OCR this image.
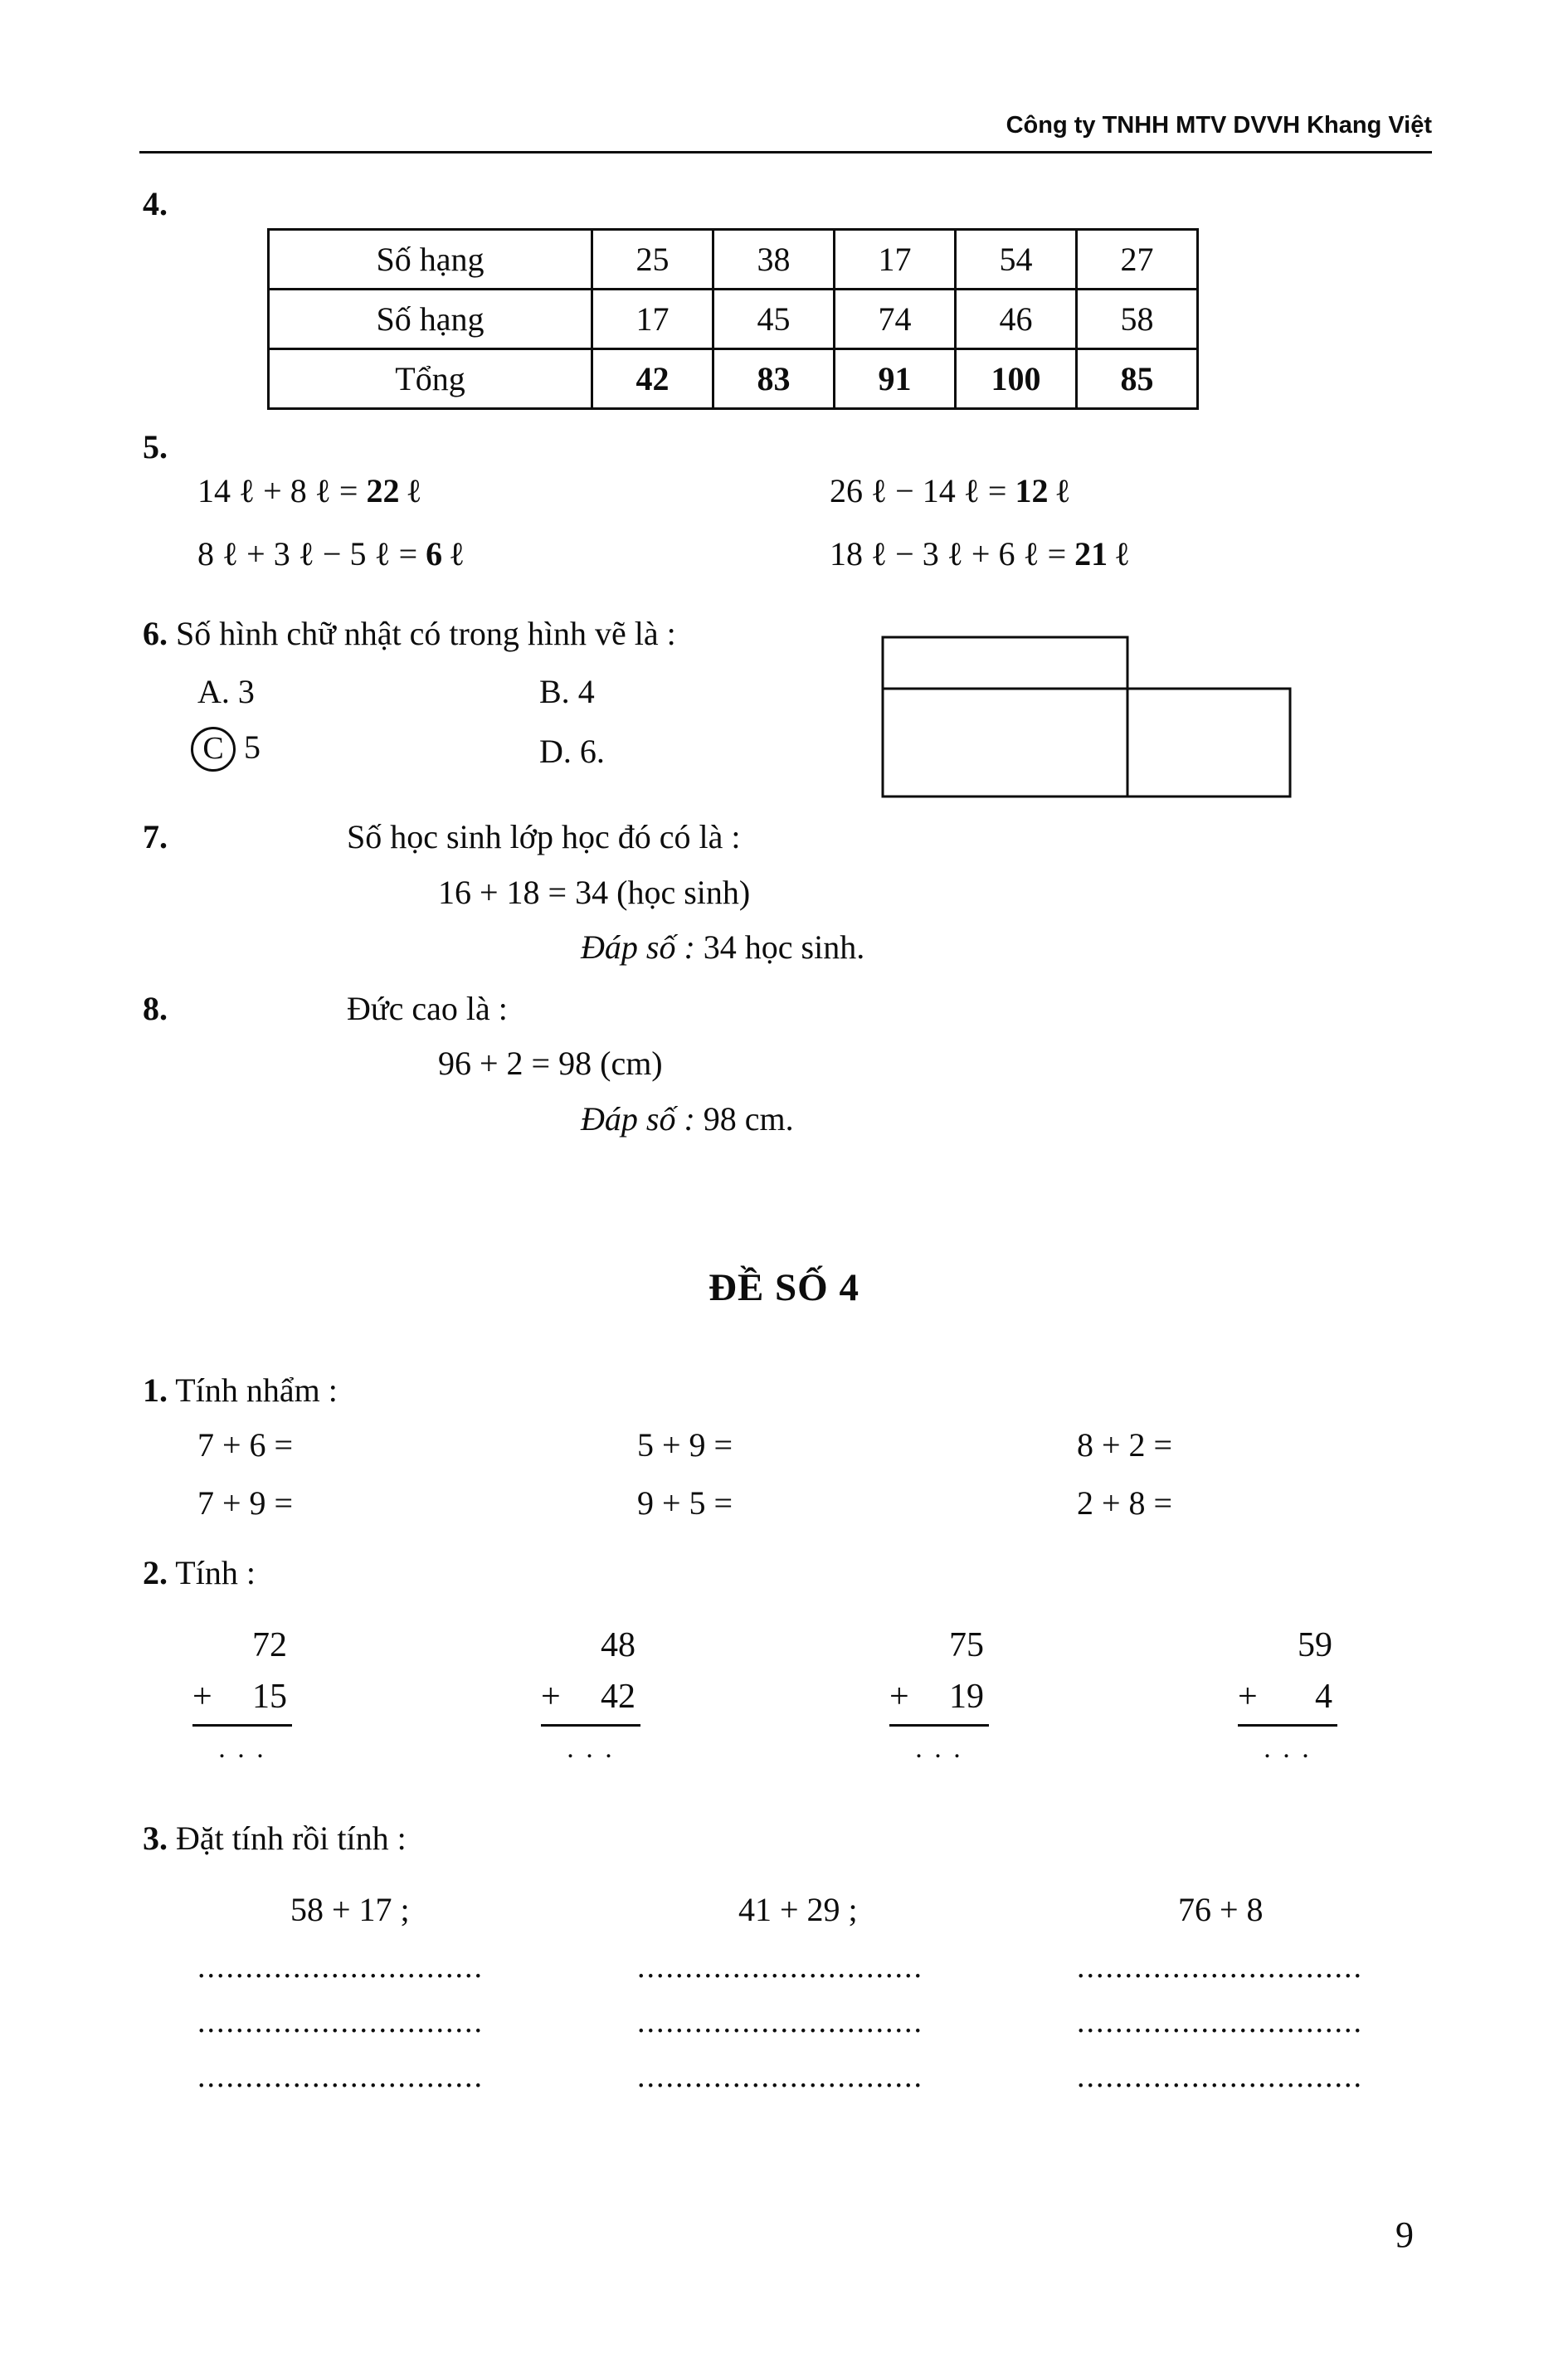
Công ty TNHH MTV DVVH Khang Việt
4.
Số hạng	25	38	17	54	27
Số hạng	17	45	74	46	58
Tổng	42	83	91	100	85
5.
14 ℓ + 8 ℓ = 22 ℓ	26 ℓ − 14 ℓ = 12 ℓ
8 ℓ + 3 ℓ − 5 ℓ = 6 ℓ	18 ℓ − 3 ℓ + 6 ℓ = 21 ℓ
6. Số hình chữ nhật có trong hình vẽ là :
A. 3	B. 4
C 5	D. 6.
7.	Số học sinh lớp học đó có là :
16 + 18 = 34 (học sinh)
Đáp số : 34 học sinh.
8.	Đức cao là :
96 + 2 = 98 (cm)
Đáp số : 98 cm.
ĐỀ SỐ 4
1. Tính nhẩm :
7 + 6 =	5 + 9 =	8 + 2 =
7 + 9 =	9 + 5 =	2 + 8 =
2. Tính :
72
+ 15
. . .
48
+ 42
. . .
75
+ 19
. . .
59
+ 4
. . .
3. Đặt tính rồi tính :
58 + 17 ;	41 + 29 ;	76 + 8
..............................	..............................	..............................
..............................	..............................	..............................
..............................	..............................	..............................
9
